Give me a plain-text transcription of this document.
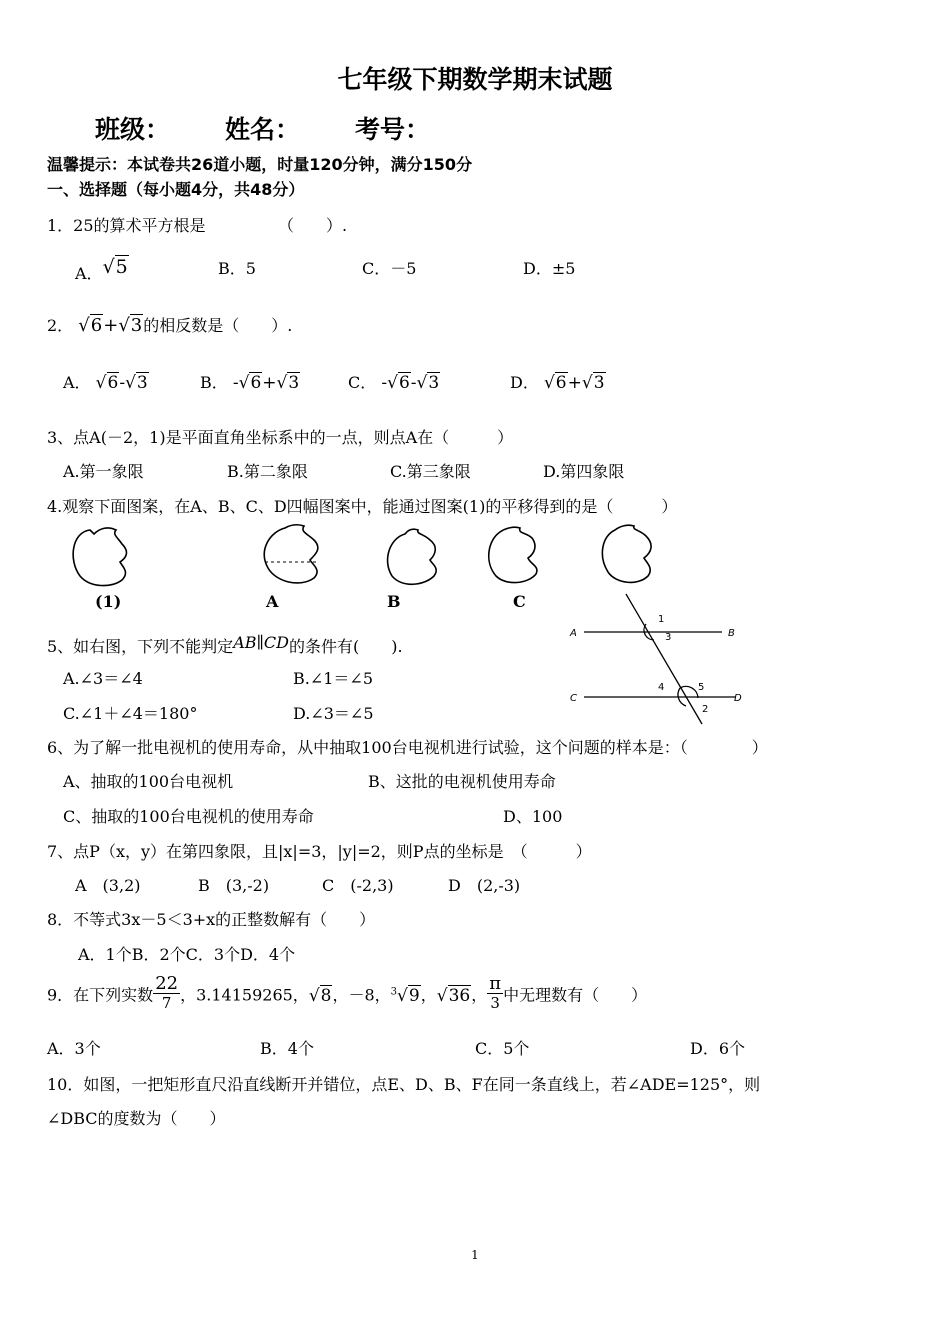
七年级下期数学期末试题
班级： 姓名： 考号：
温馨提示：本试卷共26道小题，时量120分钟，满分150分
一、选择题（每小题4分，共48分）
1．25的算术平方根是	（　　）.
A．√5	B．5	C．－5	D．±5
2． √6+√3的相反数是（　　）.
A． √6-√3	B． -√6+√3	C． -√6-√3	D． √6+√3
3、点A(－2，1)是平面直角坐标系中的一点，则点A在（　　　）
A.第一象限	B.第二象限	C.第三象限	D.第四象限
4.观察下面图案，在A、B、C、D四幅图案中，能通过图案(1)的平移得到的是（　　　）
(1)	A	B	C
5、如右图，下列不能判定AB∥CD的条件有(　　).
A.∠3＝∠4	B.∠1＝∠5
C.∠1＋∠4＝180°	D.∠3＝∠5
A	B
C	D
1
3
4	5
2
6、为了解一批电视机的使用寿命，从中抽取100台电视机进行试验，这个问题的样本是：（　　　　）
A、抽取的100台电视机	B、这批的电视机使用寿命
C、抽取的100台电视机的使用寿命	D、100
7、点P（x，y）在第四象限，且|x|=3，|y|=2，则P点的坐标是　（　　　）
A　(3,2)	B　(3,-2)	C　(-2,3)	D　(2,-3)
8．不等式3x－5＜3+x的正整数解有（　　）
A．1个B．2个C．3个D．4个
9．在下列实数 $\frac{22}{7}$ ，3.14159265，√8，－8，$^3$√9，√36， $\frac{\pi}{3}$ 中无理数有（　　）
A．3个	B．4个	C．5个	D．6个
10．如图，一把矩形直尺沿直线断开并错位，点E、D、B、F在同一条直线上，若∠ADE=125°，则
∠DBC的度数为（　　）
1
